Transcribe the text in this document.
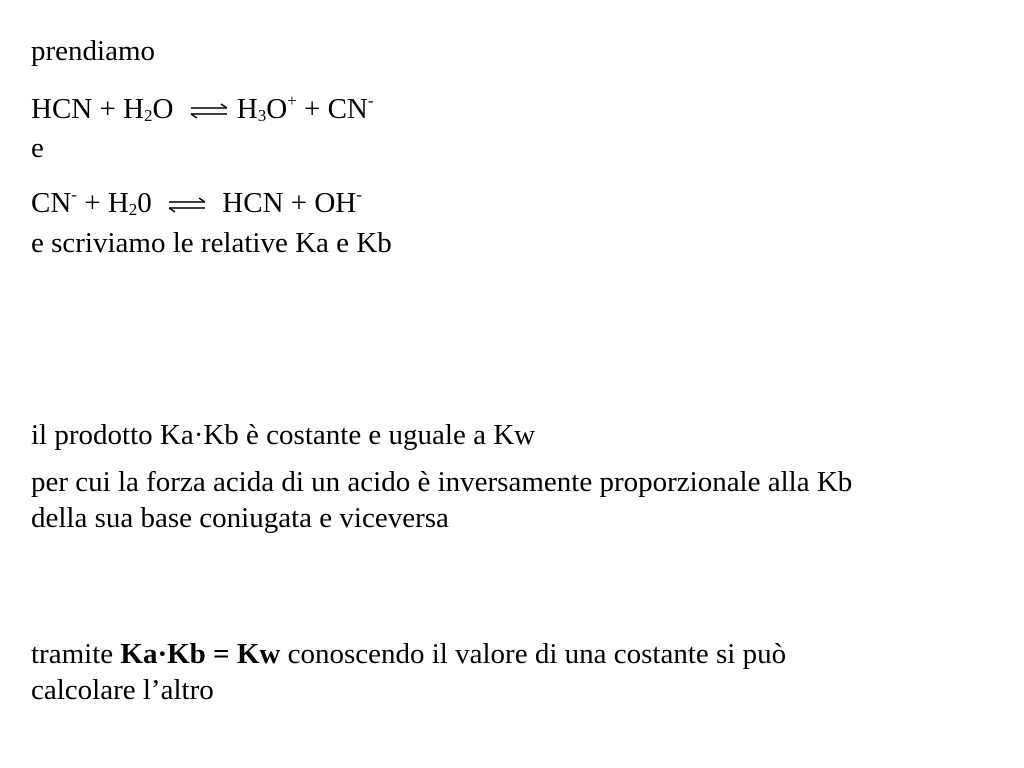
prendiamo
HCN + H2O ⇌ H3O+ + CN-
e
CN- + H20 ⇌ HCN + OH-
e scriviamo le relative Ka e Kb
il prodotto Ka·Kb è costante e uguale a Kw
per cui la forza acida di un acido è inversamente proporzionale alla Kb della sua base coniugata e viceversa
tramite Ka·Kb = Kw conoscendo il valore di una costante si può calcolare l’altro
